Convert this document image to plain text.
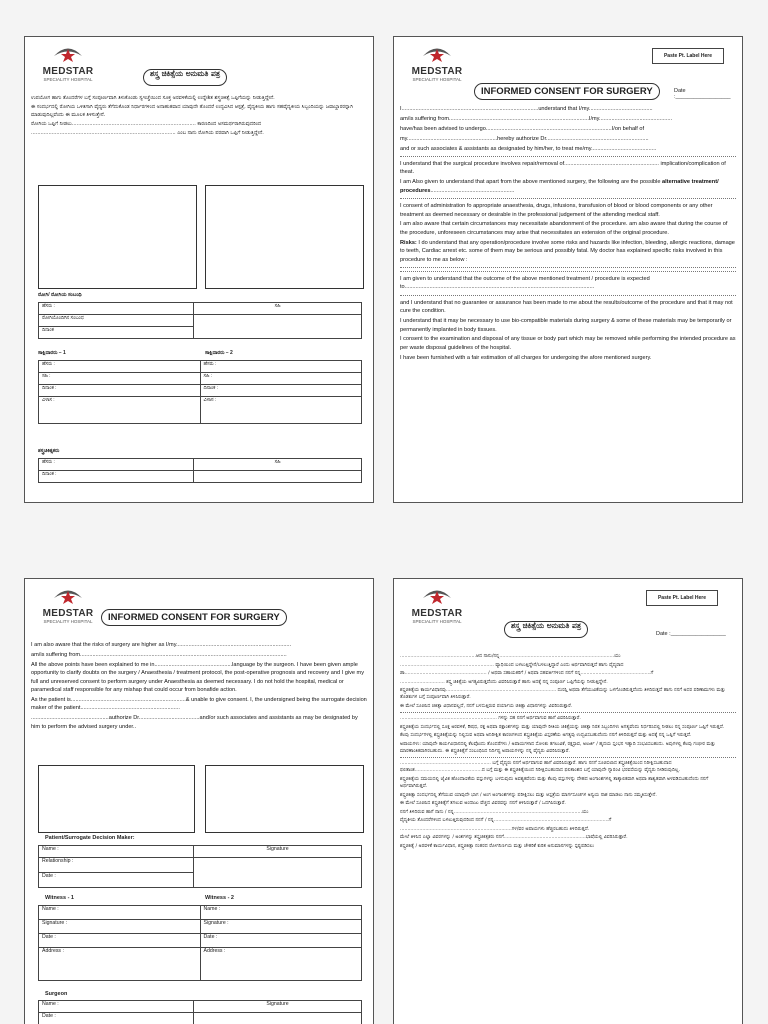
MEDSTAR
SPECIALITY HOSPITAL
ಶಸ್ತ್ರ ಚಿಕಿತ್ಸೆಯ ಅನುಮತಿ ಪತ್ರ

ಉಪಯೋಗ ಹಾಗು ತೊಂದರೆಗಳ ಬಗ್ಗೆ ಸಂಪೂರ್ಣವಾಗಿ ತಿಳುಕೊಂಡು ಸ್ವಇಚ್ಚೆಯಿಂದ ಸೂಕ್ತ ಅರವಳಿಕೆಯಲ್ಲಿ ಉದ್ದೇಶಿತ ಶಸ್ತ್ರಚಿಕಿತ್ಸೆ ಒಪ್ಪಿಗೆಯನ್ನು ನೀಡುತ್ತಿದ್ದೇನೆ.

ಈ ಸಂದರ್ಭದಲ್ಲಿ ರೋಗಿಯ ಒಳಿತಿಗಾಗಿ ವೈದ್ಯರು ತೆಗೆದುಕೊಂಡ ನಿರ್ಧಾರಗಳಿಂದ ಅನಾಹುತವಾದ ಯಾವುದೇ ತೊಂದರೆ ಉದ್ಭವಿಸಿದ ಆಸ್ಪತ್ರೆ, ವೈದ್ಯಕೀಯ ಹಾಗು ಸಹವೈದ್ಯಕೀಯ ಸಿಬ್ಬಂದಿಯನ್ನು ಜವಾಬ್ದಾರರನ್ನಾಗಿ ಮಾಡುವುದಿಲ್ಲವೆಂದು ಈ ಮೂಲಕ ತಿಳಿಸುತ್ತೇನೆ.

ರೋಗಿಯ ಒಪ್ಪಿಗೆ ನೀಡಲು.............................................................................. ಕಾರಣದಿಂದ ಅಸಮರ್ಥರಾಗಿರುವುದರಿಂದ

........................................................................................... ಎಂಬ ನಾನು ರೋಗಿಯ ಪರವಾಗಿ ಒಪ್ಪಿಗೆ ನೀಡುತ್ತಿದ್ದೇನೆ.

ರೋಗಿ/ ರೋಗಿಯ ಸಂಬಂಧಿ
ಹೆಸರು :	ಸಹಿ
ರೋಗಿಯೊಂದಿಗಿನ ಸಂಬಂಧ	
ದಿನಾಂಕ	
ಸಾಕ್ಷಿದಾರರು – 1	ಸಾಕ್ಷಿದಾರರು – 2
ಹೆಸರು :	ಹೆಸರು :
ಸಹಿ :	ಸಹಿ :
ದಿನಾಂಕ :	ದಿನಾಂಕ :
ವಿಳಾಸ :	ವಿಳಾಸ :
ಶಸ್ತ್ರಚಿಕಿತ್ಸಕರು
ಹೆಸರು :	ಸಹಿ
ದಿನಾಂಕ :	
MEDSTAR
SPECIALITY HOSPITAL
Paste Pt. Label Here
INFORMED CONSENT FOR SURGERY	Date :__________________

I........................................................................................understand that I/my.........................................

am/is suffering from..........................................................................................I/my...............................................

have/has been advised to undergo.................................................................................I/on behalf of

my..........................................................hereby authorize Dr..................................................................

and or such associates & assistants as designated by him/her, to treat me/my..........................................

I understand that the surgical procedure involves repair/removal of............................................................. implication/complication of theat.

I am Also given to understand that apart from the above mentioned surgery, the following are the possible alternative treatment/ procedures......................................................

I consent of administration fo appropriate anaesthesia, drugs, infusions, transfusion of blood or blood components or any other treatment as deemed necessary or desirable in the professional judgement of the attending medical staff.

I am also aware that certain circumstances may necessitate abandonment of the procedure. am also aware that during the course of the procedure, unforeseen circumstances may arise that necessitates an extension of the original procedure.

Risks: I do understand that any operation/procedure involve some risks and hazards like infection, bleeding, allergic reactions, damage to teeth, Cardiac arrest etc. some of them may be serious and possibly fatal. My doctor has explained specific risks involved in this procedure to me as below :

I am given to understand that the outcome of the above mentioned treatment / procedure is expected to..........................................................................................................................

and I understand that no guarantee or assurance has been made to me about the results/outcome of the procedure and that it may not cure the condition.

I understand that it may be necessary to use bio-compatible materials during surgery & some of these materials may be temporarily or permanently implanted in body tissues.

I consent to the examination and disposal of any tissue or body part which may be removed while performing the intended procedure as per waste disposal guidelines of the hospital.

I have been furnished with a fair estimation of all charges for undergoing the afore mentioned surgery.

MEDSTAR
SPECIALITY HOSPITAL	INFORMED CONSENT FOR SURGERY

I am also aware that the risks of surgery are higher as I/my..........................................................................

am/is suffering from.....................................................................................................................................

All the above points have been explained to me in..................................................language by the surgeon. I have been given ample opportunity to clarify doubts on the surgery / Anaesthesia / treatment protocol, the post-operative prognosis and recovery and I give my full and unreserved consent to perform surgery under Anaesthesia as deemed necessary. I do not hold the hospital, medical or paramedical staff responsible for any mishap that could occur from bonafide action.

As the patient is..........................................................................& unable to give consent. I, the undersigned being the surrogate decision maker of the patient................................................................

..................................................authorize Dr.......................................and/or such associates and assistants as may be designated by him to perform the advised surgery under..

Patient/Surrogate Decision Maker:
Name :	Signature
Relationship :	
Date :	
Witness - 1	Witness - 2
Name :	Name :
Signature :	Signature :
Date :	Date :
Address :	Address :
Surgeon
Name :	Signature
Date :	
MEDSTAR
SPECIALITY HOSPITAL
Paste Pt. Label Here
ಶಸ್ತ್ರ ಚಿಕಿತ್ಸೆಯ ಅನುಮತಿ ಪತ್ರ
Date :__________________

...................................................ಆದ ನಾನು/ನನ್ನ.............................................................................ಯು

............................................................... ವ್ಯಾಧಿಯಿಂದ ಬಳಲುತ್ತಿದ್ದೇನೆ/ಬಳಲುತ್ತಿದ್ದಾರೆ ಎಂದು ಅರ್ಥವಾಗಿರುತ್ತದೆ ಹಾಗು ವೈದ್ಯರಾದ

ಡಾ....................................................... / ಅಥವಾ ಸಹಾಯಕರಿಗೆ / ಅಥವಾ ಸಹವರ್ತಿಗಳಿಂದ ನನಗೆ ನನ್ನ...............................................ಗೆ

.............................. ಶಸ್ತ್ರ ಚಿಕಿತ್ಸೆಯ ಅಗತ್ಯವಿರುತ್ತದೆಂದು ವಿವರಿಸಿರುತ್ತಾರೆ ಹಾಗು ಅದಕ್ಕೆ ನನ್ನ ಸಂಪೂರ್ಣ ಒಪ್ಪಿಗೆಯನ್ನು ನೀಡುತ್ತಿದ್ದೇನೆ.

ಶಸ್ತ್ರಚಿಕಿತ್ಸೆಯ ಕಾರ್ಯವಿಧಾನವು.......................................................................... ದುರಸ್ತಿ ಅಥವಾ ತೆಗೆಯುವಿಕೆಯನ್ನು ಒಳಗೊಂಡಿರುತ್ತದೆಂದು ತಿಳಿದಿರುತ್ತದೆ ಹಾಗು ನನಗೆ ಅದರ ಪರಿಣಾಮಗಳು ಮತ್ತು ತೊಡಕುಗಳ ಬಗ್ಗೆ ಸಂಪೂರ್ಣವಾಗಿ ತಿಳಿಸಿರುತ್ತಾರೆ.

ಈ ಮೇಲೆ ಸೂಚಿಸಿದ ಚಿಕಿತ್ಸಾ ವಿಧಾನವಲ್ಲದೆ, ನನಗೆ ಬಳಸುತ್ತಿರುವ ಪರ್ಯಾಯ ಚಿಕಿತ್ಸಾ ವಿಧಾನಗಳನ್ನು ವಿವರಿಸಿರುತ್ತಾರೆ.

................................................................. ಗಳನ್ನು ಸಹ ನನಗೆ ಅರ್ಥವಾಗುವ ಹಾಗೆ ವಿವರಿಸಿರುತ್ತಾರೆ.

ಶಸ್ತ್ರಚಿಕಿತ್ಸೆಯ ಸಂದರ್ಭದಲ್ಲಿ ಸೂಕ್ತ ಅರವಳಿಕೆ, ಔಷಧ, ರಕ್ತ ಅಥವಾ ರಕ್ತಾಂಶಗಳನ್ನು ಮತ್ತು ಯಾವುದೇ ರೀತಿಯ ಚಿಕಿತ್ಸೆಯನ್ನು ಚಿಕಿತ್ಸಾ ನಿರತ ಸಿಬ್ಬಂದಿಗಳು ಅಗತ್ಯವೆಂದು ನಿರ್ಧರಿಸಿದಲ್ಲಿ ನೀಡಲು ನನ್ನ ಸಂಪೂರ್ಣ ಒಪ್ಪಿಗೆ ಇರುತ್ತದೆ.

ಕೆಲವು ಸಂದರ್ಭಗಳಲ್ಲಿ ಶಸ್ತ್ರಚಿಕಿತ್ಸೆಯನ್ನು ನಿಲ್ಲಿಸುವ ಅಥವಾ ಅನಿರೀಕ್ಷಿತ ಕಾರಣಗಳಿಂದ ಶಸ್ತ್ರಚಿಕಿತ್ಸೆಯ ವಿಸ್ತರಣೆಯ ಅಗತ್ಯವು ಉದ್ಭವಿಸಬಹುದೆಂದು ನನಗೆ ತಿಳಿದಿರುತ್ತದೆ ಮತ್ತು ಅದಕ್ಕೆ ನನ್ನ ಒಪ್ಪಿಗೆ ಇರುತ್ತದೆ.

ಅಪಾಯಗಳು: ಯಾವುದೇ ಕಾರ್ಯವಿಧಾನದಲ್ಲಿ ಕೆಲವೊಂದು ತೊಂದರೆಗಳು / ಅಪಾಯಗಳಾದ ಸೋಂಕು ತಗಲುವಿಕೆ, ರಕ್ತಸ್ರಾವ, ಅಲರ್ಜಿ / ಹೃದಯ ಸ್ತಂಭನ ಇತ್ಯಾದಿ ಸಂಭವಿಸಬಹುದು. ಅವುಗಳಲ್ಲಿ ಕೆಲವು ಗಂಭೀರ ಮತ್ತು ಮಾರಣಾಂತಿಕವಾಗಿರಬಹುದು. ಈ ಶಸ್ತ್ರಚಿಕಿತ್ಸೆಗೆ ಸಂಬಂಧಿಸಿದ ನಿರ್ದಿಷ್ಟ ಅಪಾಯಗಳನ್ನು ನನ್ನ ವೈದ್ಯರು ವಿವರಿಸಿರುತ್ತಾರೆ.

............................................................. ಬಗ್ಗೆ ವೈದ್ಯರು ನನಗೆ ಅರ್ಥವಾಗುವ ಹಾಗೆ ವಿವರಿಸಿರುತ್ತಾರೆ. ಹಾಗು ನನಗೆ ಸೂಚಿಸಲಾದ ಶಸ್ತ್ರಚಿಕಿತ್ಸೆಯಿಂದ ನಿರೀಕ್ಷಿಸಬಹುದಾದ ಫಲಿತಾಂಶ.............................................ದ ಬಗ್ಗೆ ಮತ್ತು ಈ ಶಸ್ತ್ರಚಿಕಿತ್ಸೆಯಿಂದ ನಿರೀಕ್ಷಿಸಬಹುದಾದ ಫಲಿತಾಂಶದ ಬಗ್ಗೆ ಯಾವುದೇ ಗ್ಯಾರಂಟಿ ಭರವಸೆಯನ್ನು ವೈದ್ಯರು ನೀಡಿರುವುದಿಲ್ಲ.

ಶಸ್ತ್ರಚಿಕಿತ್ಸೆಯ ಸಮಯದಲ್ಲಿ ಜೈವಿಕ ಹೊಂದಾಣಿಕೆಯ ವಸ್ತುಗಳನ್ನು ಬಳಸುವುದು ಅವಶ್ಯಕವೆಂದು ಮತ್ತು ಕೆಲವು ವಸ್ತುಗಳನ್ನು ದೇಹದ ಅಂಗಾಂಶಗಳಲ್ಲಿ ತಾತ್ಕಾಲಿಕವಾಗಿ ಅಥವಾ ಶಾಶ್ವತವಾಗಿ ಅಳವಡಿಸಬಹುದೆಂದು ನನಗೆ ಅರ್ಥವಾಗಿರುತ್ತದೆ.

ಶಸ್ತ್ರಚಿಕಿತ್ಸಾ ಸಂದರ್ಭದಲ್ಲಿ ತೆಗೆಯುವ ಯಾವುದೇ ಭಾಗ / ಅಂಗ ಅಂಗಾಂಶಗಳನ್ನು ಪರೀಕ್ಷಿಸಲು ಮತ್ತು ಆಸ್ಪತ್ರೆಯ ಮಾರ್ಗಸೂಚಿಗಳ ಅನ್ವಯ ನಾಶ ಮಾಡಲು ನಾನು ಸಮ್ಮತಿಸುತ್ತೇನೆ.

ಈ ಮೇಲೆ ಸೂಚಿಸಿದ ಶಸ್ತ್ರಚಿಕಿತ್ಸೆಗೆ ತಗಲುವ ಅಂದಾಜು ವೆಚ್ಚದ ವಿವರವನ್ನು ನನಗೆ ತಿಳಿಸಿರುತ್ತಾರೆ / ಒದಗಿಸಿರುತ್ತಾರೆ.

ನನಗೆ ತಿಳಿದಿರುವ ಹಾಗೆ ನಾನು / ನನ್ನ......................................................................................ಯು

ವೈದ್ಯಕೀಯ ತೊಂದರೆಗಳಿಂದ ಬಳಲುತ್ತಿರುವುದರಿಂದ ನನಗೆ / ನನ್ನ.............................................................................ಗೆ

...........................................................................ಗಳ/ವರ ಅಪಾಯಗಳು ಹೆಚ್ಚಿರಬಹುದು ತಿಳಿದಿರುತ್ತದೆ.

ಮೇಲೆ ತಿಳಿಸಿದ ಎಲ್ಲಾ ವಿವರಗಳನ್ನು / ಅಂಶಗಳನ್ನು ಶಸ್ತ್ರಚಿಕಿತ್ಸಕರು ನನಗೆ.......................................................ಭಾಷೆಯಲ್ಲಿ ವಿವರಿಸಿರುತ್ತಾರೆ.

ಶಸ್ತ್ರಚಿಕಿತ್ಸೆ / ಅರವಳಿಕೆ ಕಾರ್ಯವಿಧಾನ, ಶಸ್ತ್ರಚಿಕಿತ್ಸಾ ನಂತರದ ರೋಗನಿರ್ಣಯ ಮತ್ತು ಚೇತರಿಕೆ ಕುರಿತ ಅನುಮಾನಗಳನ್ನು ಸ್ಪಷ್ಟಪಡಿಸಲು
